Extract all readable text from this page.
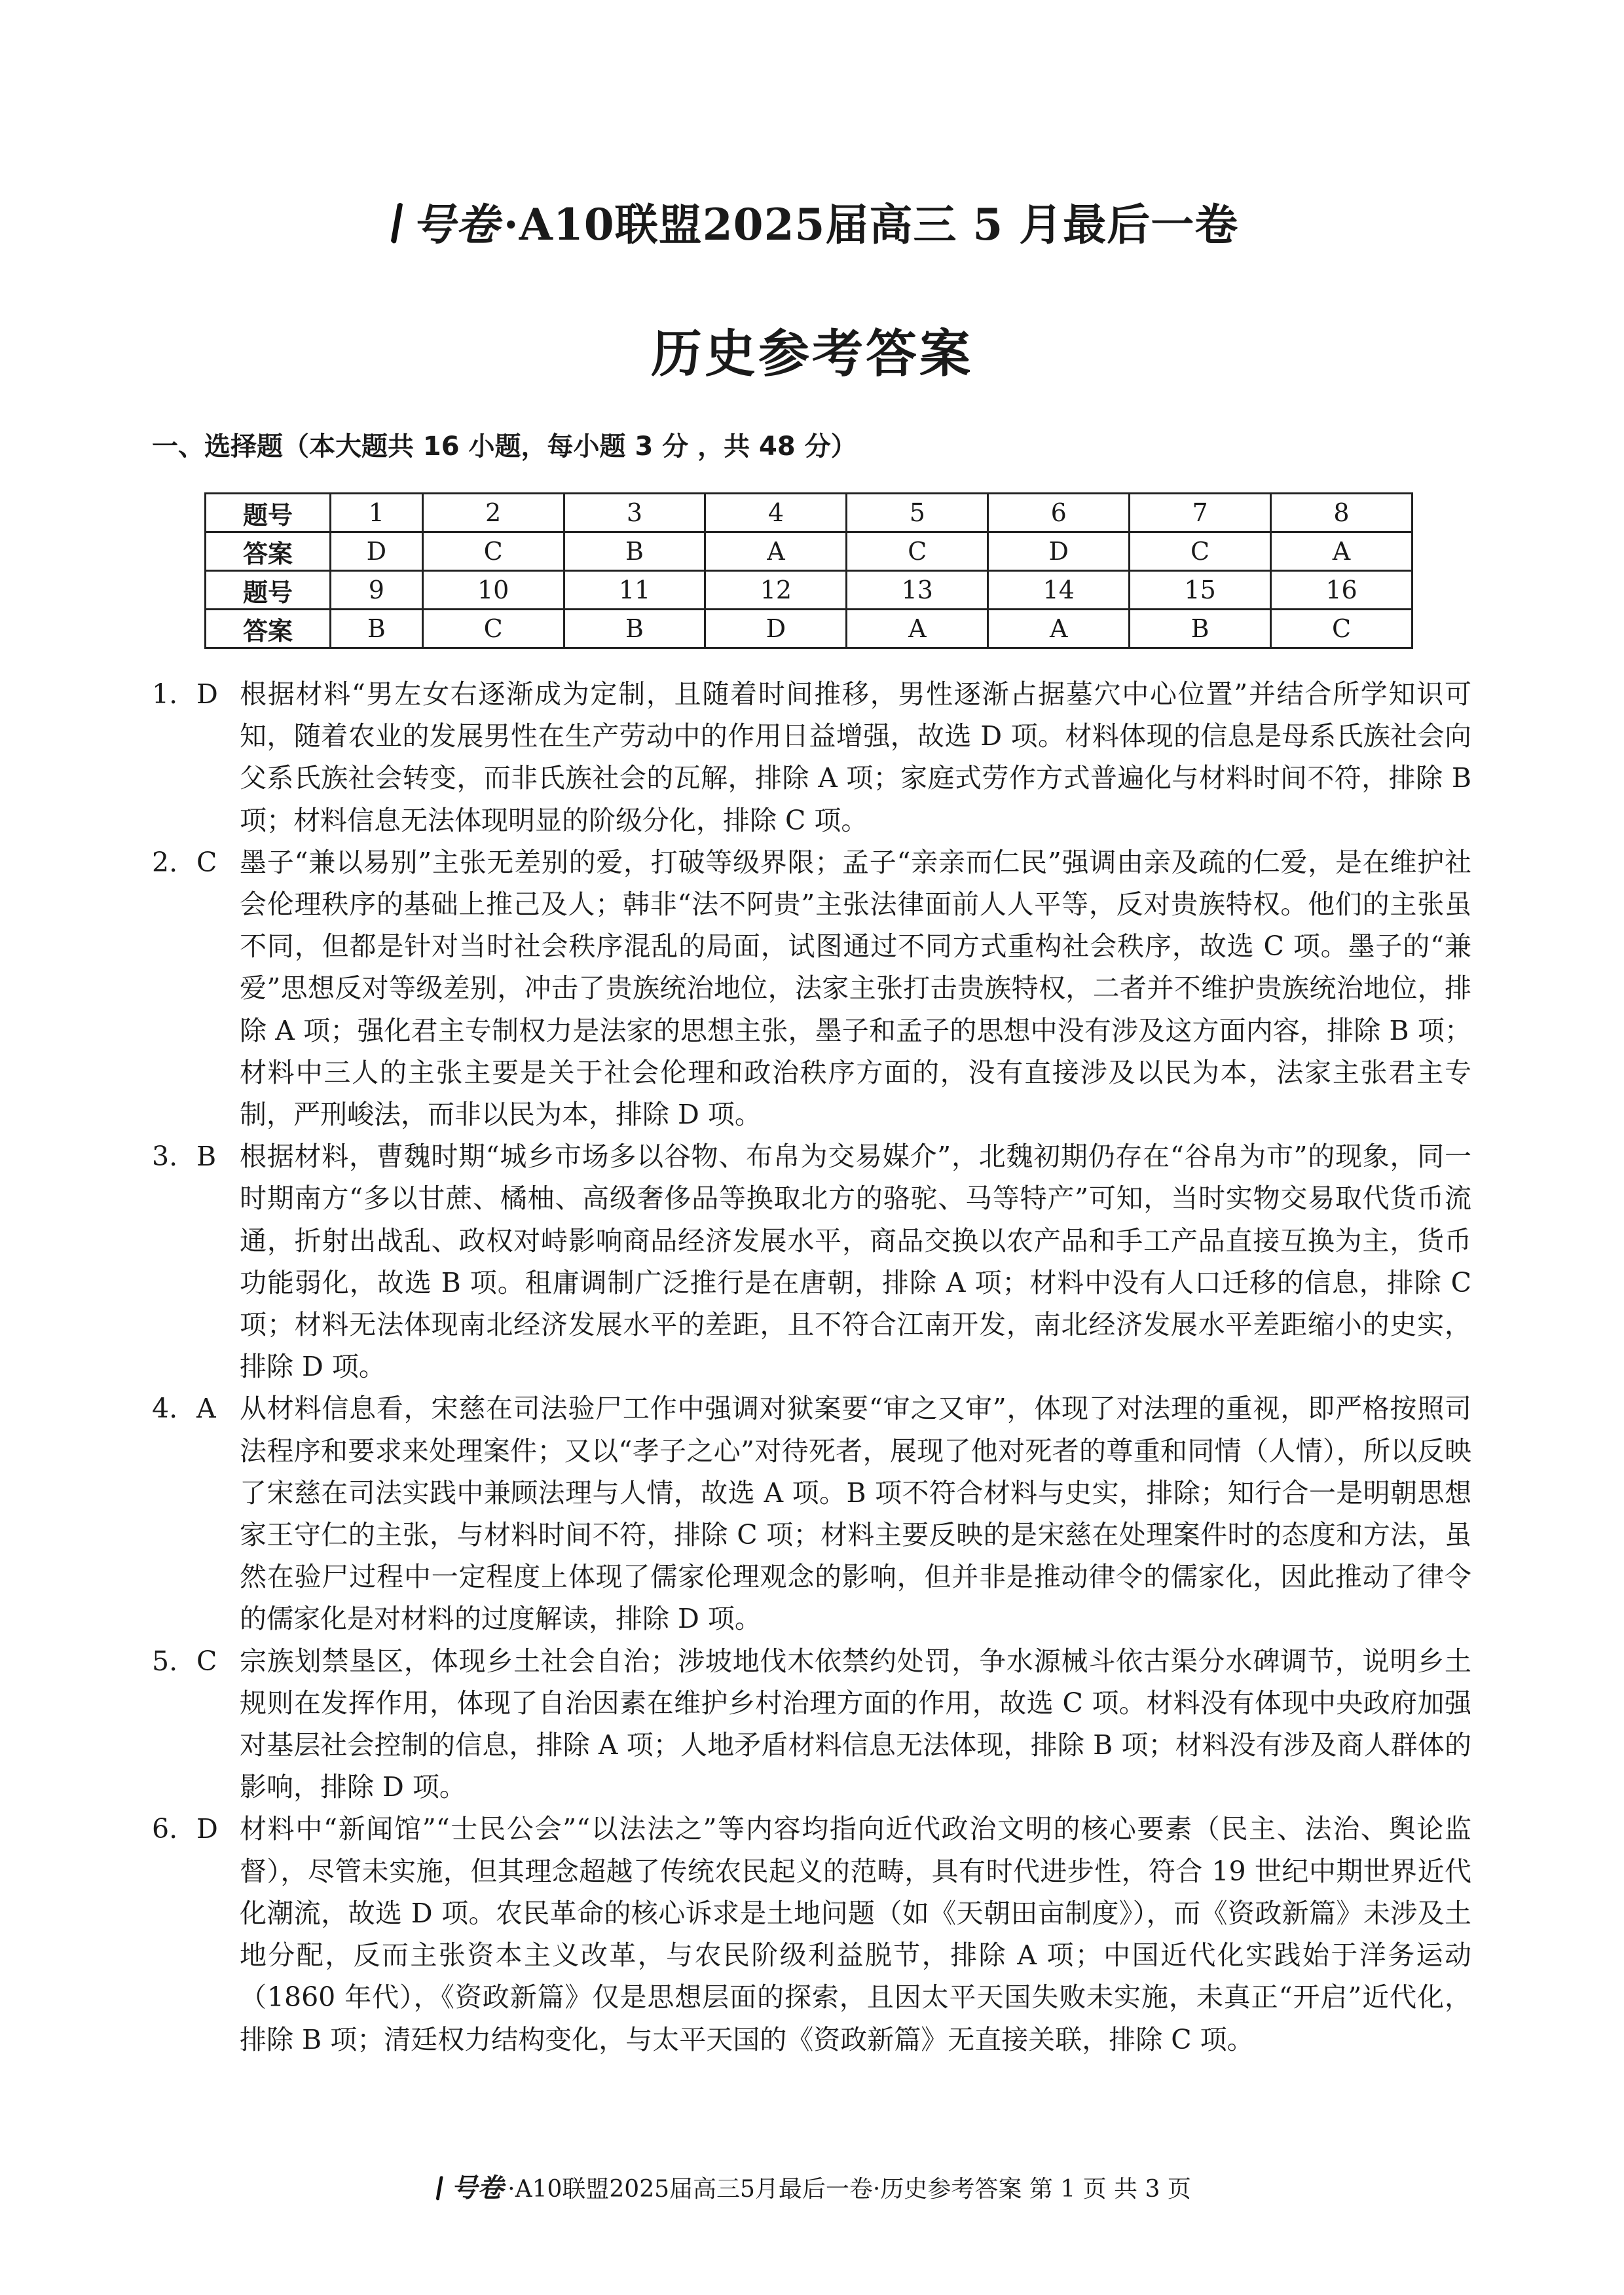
号卷·A10联盟2025届高三 5 月最后一卷
历史参考答案
一、选择题（本大题共 16 小题，每小题 3 分 ，共 48 分）
题号	1	2	3	4	5	6	7	8
答案	D	C	B	A	C	D	C	A
题号	9	10	11	12	13	14	15	16
答案	B	C	B	D	A	A	B	C
1. D 根据材料“男左女右逐渐成为定制，且随着时间推移，男性逐渐占据墓穴中心位置”并结合所学知识可知，随着农业的发展男性在生产劳动中的作用日益增强，故选 D 项。材料体现的信息是母系氏族社会向父系氏族社会转变，而非氏族社会的瓦解，排除 A 项；家庭式劳作方式普遍化与材料时间不符，排除 B 项；材料信息无法体现明显的阶级分化，排除 C 项。
2. C 墨子“兼以易别”主张无差别的爱，打破等级界限；孟子“亲亲而仁民”强调由亲及疏的仁爱，是在维护社会伦理秩序的基础上推己及人；韩非“法不阿贵”主张法律面前人人平等，反对贵族特权。他们的主张虽不同，但都是针对当时社会秩序混乱的局面，试图通过不同方式重构社会秩序，故选 C 项。墨子的“兼爱”思想反对等级差别，冲击了贵族统治地位，法家主张打击贵族特权，二者并不维护贵族统治地位，排除 A 项；强化君主专制权力是法家的思想主张，墨子和孟子的思想中没有涉及这方面内容，排除 B 项；材料中三人的主张主要是关于社会伦理和政治秩序方面的，没有直接涉及以民为本，法家主张君主专制，严刑峻法，而非以民为本，排除 D 项。
3. B 根据材料，曹魏时期“城乡市场多以谷物、布帛为交易媒介”，北魏初期仍存在“谷帛为市”的现象，同一时期南方“多以甘蔗、橘柚、高级奢侈品等换取北方的骆驼、马等特产”可知，当时实物交易取代货币流通，折射出战乱、政权对峙影响商品经济发展水平，商品交换以农产品和手工产品直接互换为主，货币功能弱化，故选 B 项。租庸调制广泛推行是在唐朝，排除 A 项；材料中没有人口迁移的信息，排除 C 项；材料无法体现南北经济发展水平的差距，且不符合江南开发，南北经济发展水平差距缩小的史实，排除 D 项。
4. A 从材料信息看，宋慈在司法验尸工作中强调对狱案要“审之又审”，体现了对法理的重视，即严格按照司法程序和要求来处理案件；又以“孝子之心”对待死者，展现了他对死者的尊重和同情（人情），所以反映了宋慈在司法实践中兼顾法理与人情，故选 A 项。B 项不符合材料与史实，排除；知行合一是明朝思想家王守仁的主张，与材料时间不符，排除 C 项；材料主要反映的是宋慈在处理案件时的态度和方法，虽然在验尸过程中一定程度上体现了儒家伦理观念的影响，但并非是推动律令的儒家化，因此推动了律令的儒家化是对材料的过度解读，排除 D 项。
5. C 宗族划禁垦区，体现乡土社会自治；涉坡地伐木依禁约处罚，争水源械斗依古渠分水碑调节，说明乡土规则在发挥作用，体现了自治因素在维护乡村治理方面的作用，故选 C 项。材料没有体现中央政府加强对基层社会控制的信息，排除 A 项；人地矛盾材料信息无法体现，排除 B 项；材料没有涉及商人群体的影响，排除 D 项。
6. D 材料中“新闻馆”“士民公会”“以法法之”等内容均指向近代政治文明的核心要素（民主、法治、舆论监督），尽管未实施，但其理念超越了传统农民起义的范畴，具有时代进步性，符合 19 世纪中期世界近代化潮流，故选 D 项。农民革命的核心诉求是土地问题（如《天朝田亩制度》），而《资政新篇》未涉及土地分配，反而主张资本主义改革，与农民阶级利益脱节，排除 A 项；中国近代化实践始于洋务运动（1860 年代），《资政新篇》仅是思想层面的探索，且因太平天国失败未实施，未真正“开启”近代化，排除 B 项；清廷权力结构变化，与太平天国的《资政新篇》无直接关联，排除 C 项。
号卷 ·A10联盟2025届高三5月最后一卷·历史参考答案 第 1 页 共 3 页
